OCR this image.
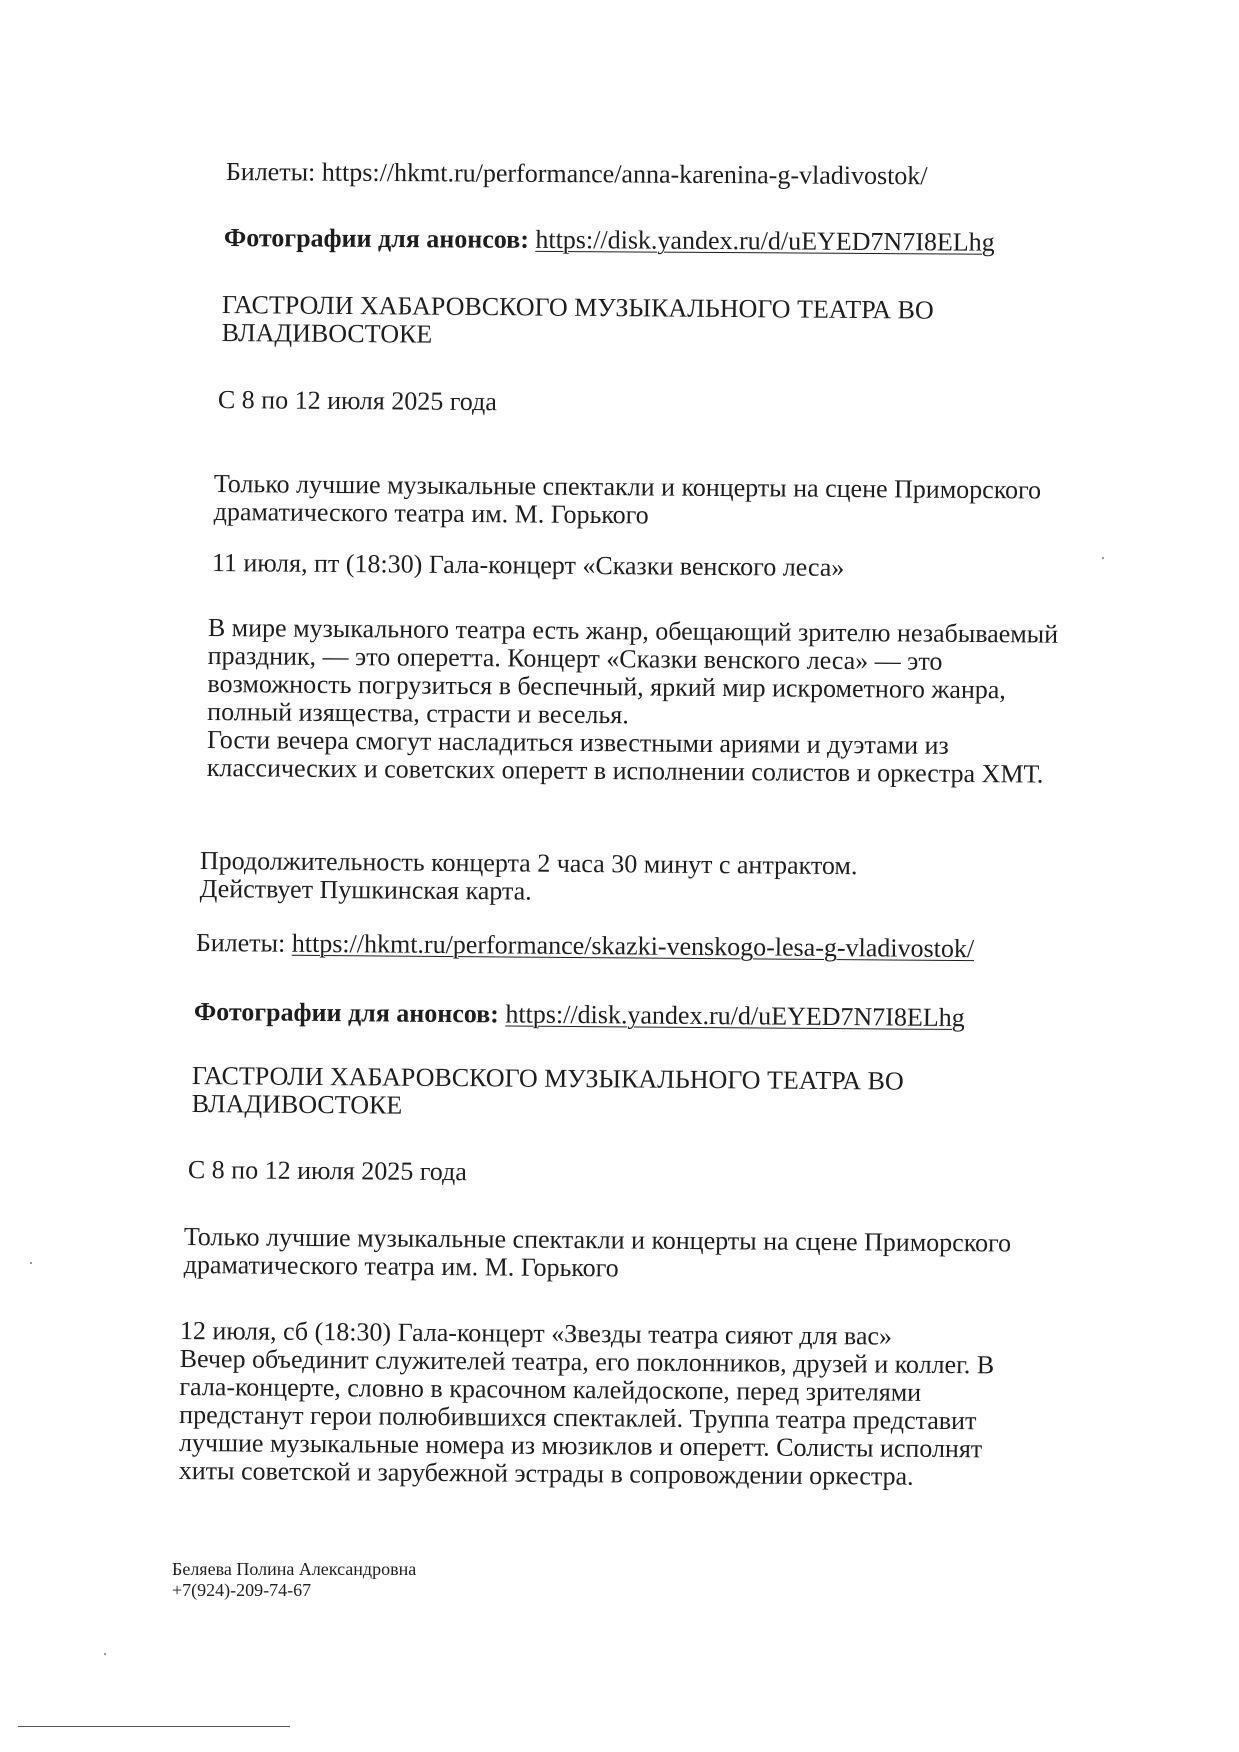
Билеты: https://hkmt.ru/performance/anna-karenina-g-vladivostok/
Фотографии для анонсов: https://disk.yandex.ru/d/uEYED7N7I8ELhg
ГАСТРОЛИ ХАБАРОВСКОГО МУЗЫКАЛЬНОГО ТЕАТРА ВО
ВЛАДИВОСТОКЕ
С 8 по 12 июля 2025 года
Только лучшие музыкальные спектакли и концерты на сцене Приморского
драматического театра им. М. Горького
11 июля, пт (18:30) Гала-концерт «Сказки венского леса»
В мире музыкального театра есть жанр, обещающий зрителю незабываемый
праздник, — это оперетта. Концерт «Сказки венского леса» — это
возможность погрузиться в беспечный, яркий мир искрометного жанра,
полный изящества, страсти и веселья.
Гости вечера смогут насладиться известными ариями и дуэтами из
классических и советских оперетт в исполнении солистов и оркестра ХМТ.
Продолжительность концерта 2 часа 30 минут с антрактом.
Действует Пушкинская карта.
Билеты: https://hkmt.ru/performance/skazki-venskogo-lesa-g-vladivostok/
Фотографии для анонсов: https://disk.yandex.ru/d/uEYED7N7I8ELhg
ГАСТРОЛИ ХАБАРОВСКОГО МУЗЫКАЛЬНОГО ТЕАТРА ВО
ВЛАДИВОСТОКЕ
С 8 по 12 июля 2025 года
Только лучшие музыкальные спектакли и концерты на сцене Приморского
драматического театра им. М. Горького
12 июля, сб (18:30) Гала-концерт «Звезды театра сияют для вас»
Вечер объединит служителей театра, его поклонников, друзей и коллег. В
гала-концерте, словно в красочном калейдоскопе, перед зрителями
предстанут герои полюбившихся спектаклей. Труппа театра представит
лучшие музыкальные номера из мюзиклов и оперетт. Солисты исполнят
хиты советской и зарубежной эстрады в сопровождении оркестра.
Беляева Полина Александровна
+7(924)-209-74-67
